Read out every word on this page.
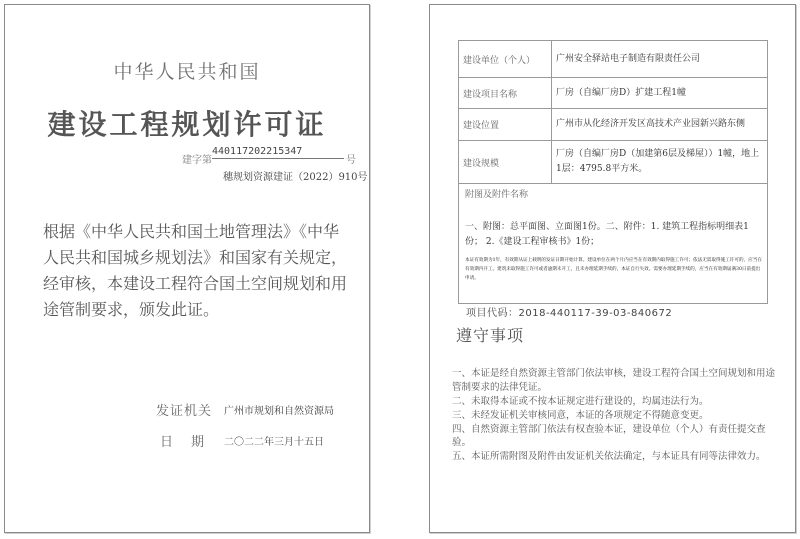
中华人民共和国
建设工程规划许可证
建字第
440117202215347
号
穗规划资源建证（2022）910号
根据《中华人民共和国土地管理法》《中华人民共和国城乡规划法》和国家有关规定，经审核，本建设工程符合国土空间规划和用途管制要求，颁发此证。
发证机关 广州市规划和自然资源局
日期 二〇二二年三月十五日
建设单位（个人）	广州安全驿站电子制造有限责任公司
建设项目名称	厂房（自编厂房D）扩建工程1幢
建设位置	广州市从化经济开发区高技术产业园新兴路东侧
建设规模	厂房（自编厂房D（加建第6层及梯屋））1幢，地上1层：4795.8平方米。

附图及附件名称
一、附图：总平面图、立面图1份。二、附件：1. 建筑工程指标明细表1份； 2.《建设工程审核书》1份；
本证有效期为1年，有效期从证上载明的发证日期开始计算。建设单位在两个月内应当在有效期内取得施工许可；依法无需取得施工许可的，应当在有效期内开工。建筑未取得施工许可或者逾期未开工，且未办理延期手续的，本证自行失效。需要办理延期手续的，应当在有效期届满30日前提出申请。	
项目代码：2018-440117-39-03-840672
遵守事项
一、本证是经自然资源主管部门依法审核，建设工程符合国土空间规划和用途管制要求的法律凭证。
二、未取得本证或不按本证规定进行建设的，均属违法行为。
三、未经发证机关审核同意，本证的各项规定不得随意变更。
四、自然资源主管部门依法有权查验本证，建设单位（个人）有责任提交查验。
五、本证所需附图及附件由发证机关依法确定，与本证具有同等法律效力。
